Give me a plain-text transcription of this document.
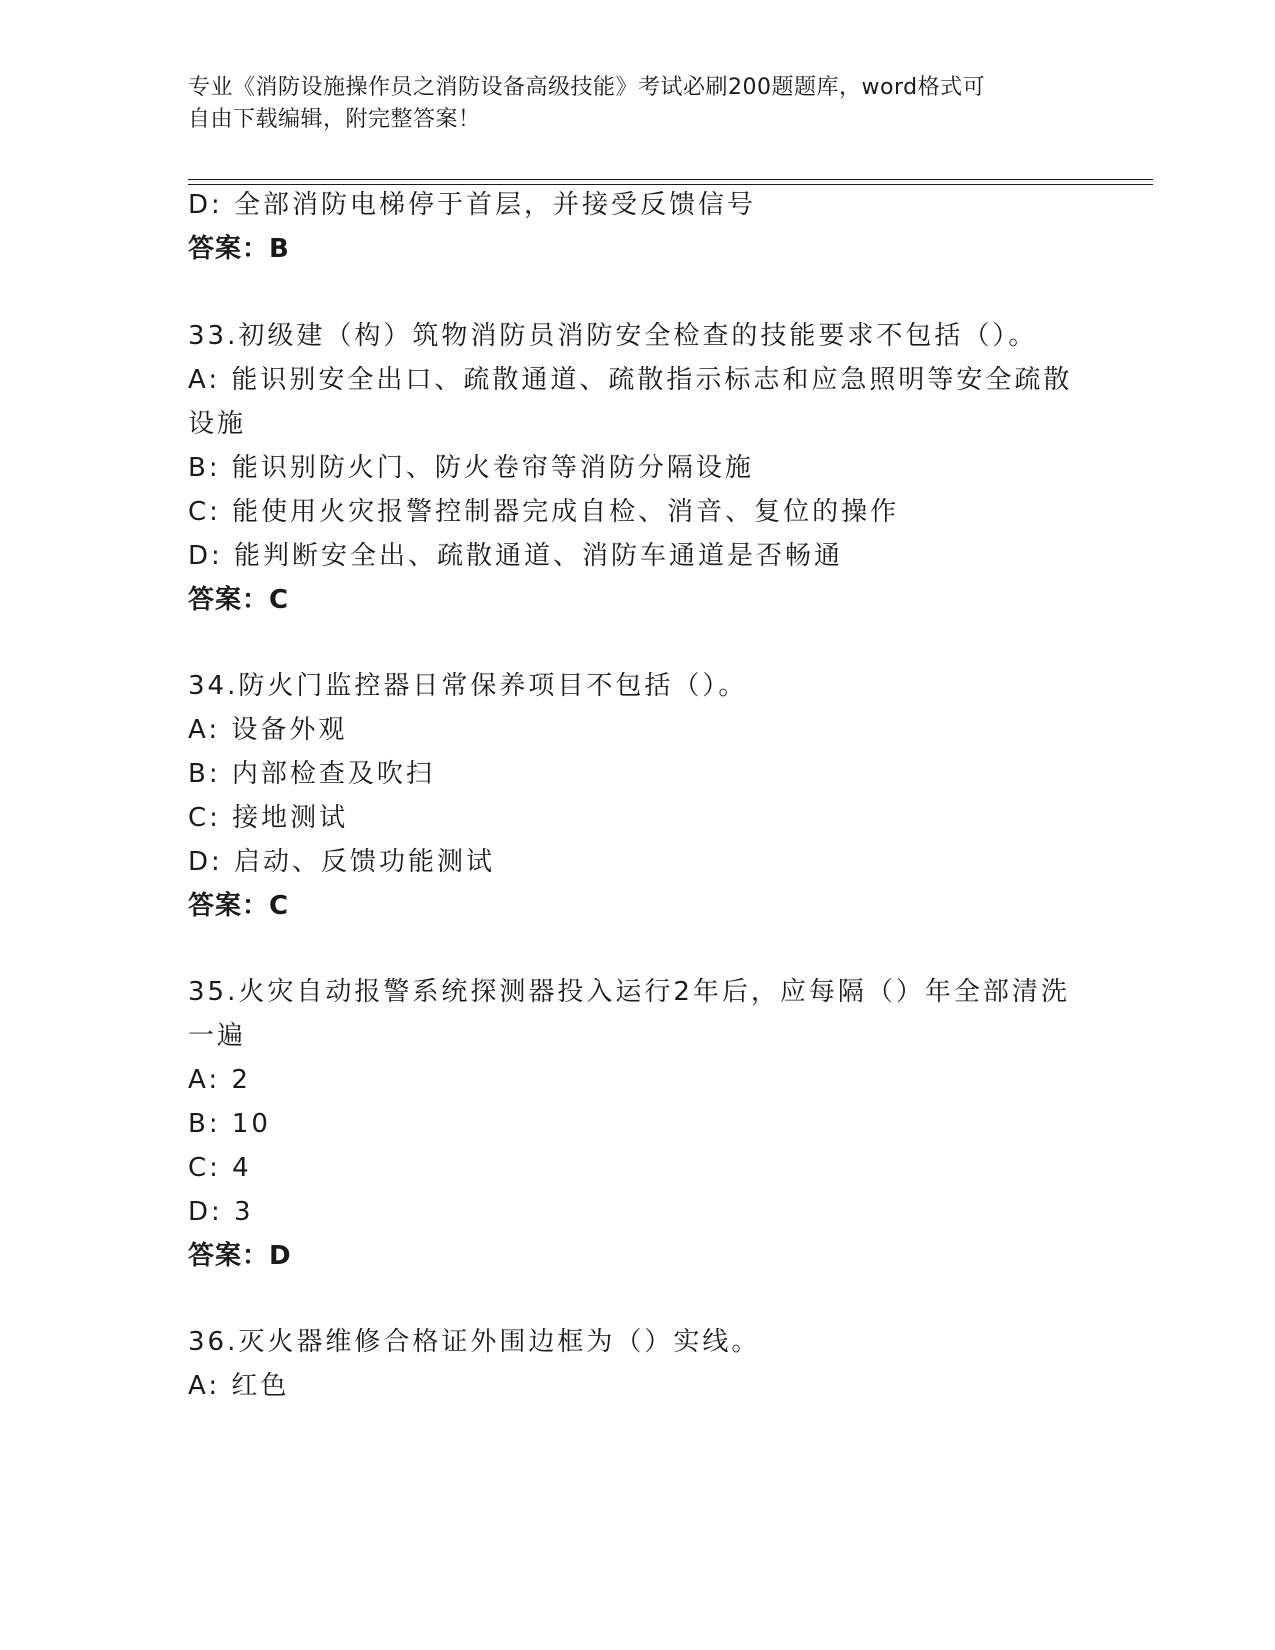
专业《消防设施操作员之消防设备高级技能》考试必刷200题题库，word格式可
自由下载编辑，附完整答案！
D: 全部消防电梯停于首层，并接受反馈信号
答案：B
33.初级建（构）筑物消防员消防安全检查的技能要求不包括（）。
A: 能识别安全出口、疏散通道、疏散指示标志和应急照明等安全疏散
设施
B: 能识别防火门、防火卷帘等消防分隔设施
C: 能使用火灾报警控制器完成自检、消音、复位的操作
D: 能判断安全出、疏散通道、消防车通道是否畅通
答案：C
34.防火门监控器日常保养项目不包括（）。
A: 设备外观
B: 内部检查及吹扫
C: 接地测试
D: 启动、反馈功能测试
答案：C
35.火灾自动报警系统探测器投入运行2年后，应每隔（）年全部清洗
一遍
A: 2
B: 10
C: 4
D: 3
答案：D
36.灭火器维修合格证外围边框为（）实线。
A: 红色
